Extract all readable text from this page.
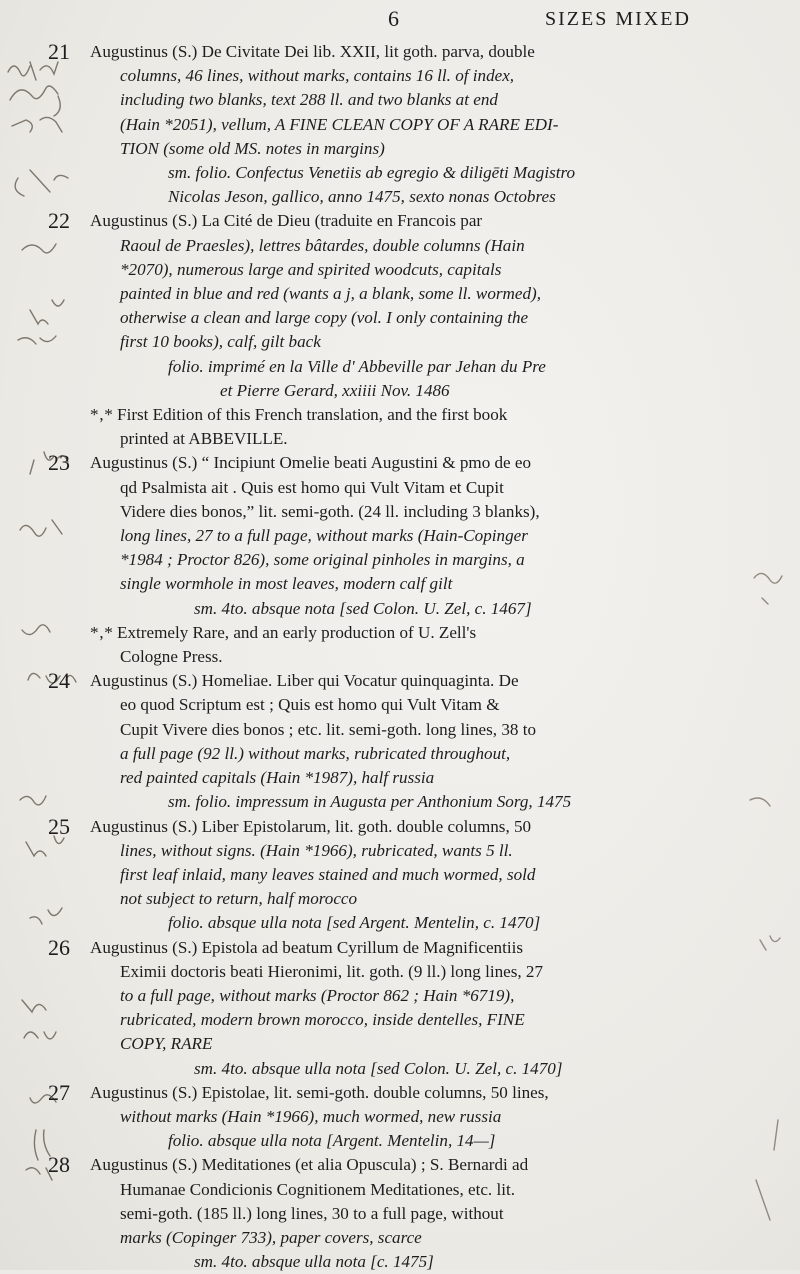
6	SIZES MIXED
21 Augustinus (S.) De Civitate Dei lib. XXII, lit goth. parva, double
columns, 46 lines, without marks, contains 16 ll. of index,
including two blanks, text 288 ll. and two blanks at end
(Hain *2051), vellum, A FINE CLEAN COPY OF A RARE EDI-
TION (some old MS. notes in margins)
sm. folio. Confectus Venetiis ab egregio & diligēti Magistro
Nicolas Jeson, gallico, anno 1475, sexto nonas Octobres
22 Augustinus (S.) La Cité de Dieu (traduite en Francois par
Raoul de Praesles), lettres bâtardes, double columns (Hain
*2070), numerous large and spirited woodcuts, capitals
painted in blue and red (wants a j, a blank, some ll. wormed),
otherwise a clean and large copy (vol. I only containing the
first 10 books), calf, gilt back
folio. imprimé en la Ville d' Abbeville par Jehan du Pre
et Pierre Gerard, xxiiii Nov. 1486
*‚* First Edition of this French translation, and the first book
printed at ABBEVILLE.
23 Augustinus (S.) “ Incipiunt Omelie beati Augustini & pmo de eo
qd Psalmista ait . Quis est homo qui Vult Vitam et Cupit
Videre dies bonos,” lit. semi-goth. (24 ll. including 3 blanks),
long lines, 27 to a full page, without marks (Hain-Copinger
*1984 ; Proctor 826), some original pinholes in margins, a
single wormhole in most leaves, modern calf gilt
sm. 4to. absque nota [sed Colon. U. Zel, c. 1467]
*‚* Extremely Rare, and an early production of U. Zell's
Cologne Press.
24 Augustinus (S.) Homeliae. Liber qui Vocatur quinquaginta. De
eo quod Scriptum est ; Quis est homo qui Vult Vitam &
Cupit Vivere dies bonos ; etc. lit. semi-goth. long lines, 38 to
a full page (92 ll.) without marks, rubricated throughout,
red painted capitals (Hain *1987), half russia
sm. folio. impressum in Augusta per Anthonium Sorg, 1475
25 Augustinus (S.) Liber Epistolarum, lit. goth. double columns, 50
lines, without signs. (Hain *1966), rubricated, wants 5 ll.
first leaf inlaid, many leaves stained and much wormed, sold
not subject to return, half morocco
folio. absque ulla nota [sed Argent. Mentelin, c. 1470]
26 Augustinus (S.) Epistola ad beatum Cyrillum de Magnificentiis
Eximii doctoris beati Hieronimi, lit. goth. (9 ll.) long lines, 27
to a full page, without marks (Proctor 862 ; Hain *6719),
rubricated, modern brown morocco, inside dentelles, FINE
COPY, RARE
sm. 4to. absque ulla nota [sed Colon. U. Zel, c. 1470]
27 Augustinus (S.) Epistolae, lit. semi-goth. double columns, 50 lines,
without marks (Hain *1966), much wormed, new russia
folio. absque ulla nota [Argent. Mentelin, 14—]
28 Augustinus (S.) Meditationes (et alia Opuscula) ; S. Bernardi ad
Humanae Condicionis Cognitionem Meditationes, etc. lit.
semi-goth. (185 ll.) long lines, 30 to a full page, without
marks (Copinger 733), paper covers, scarce
sm. 4to. absque ulla nota [c. 1475]
